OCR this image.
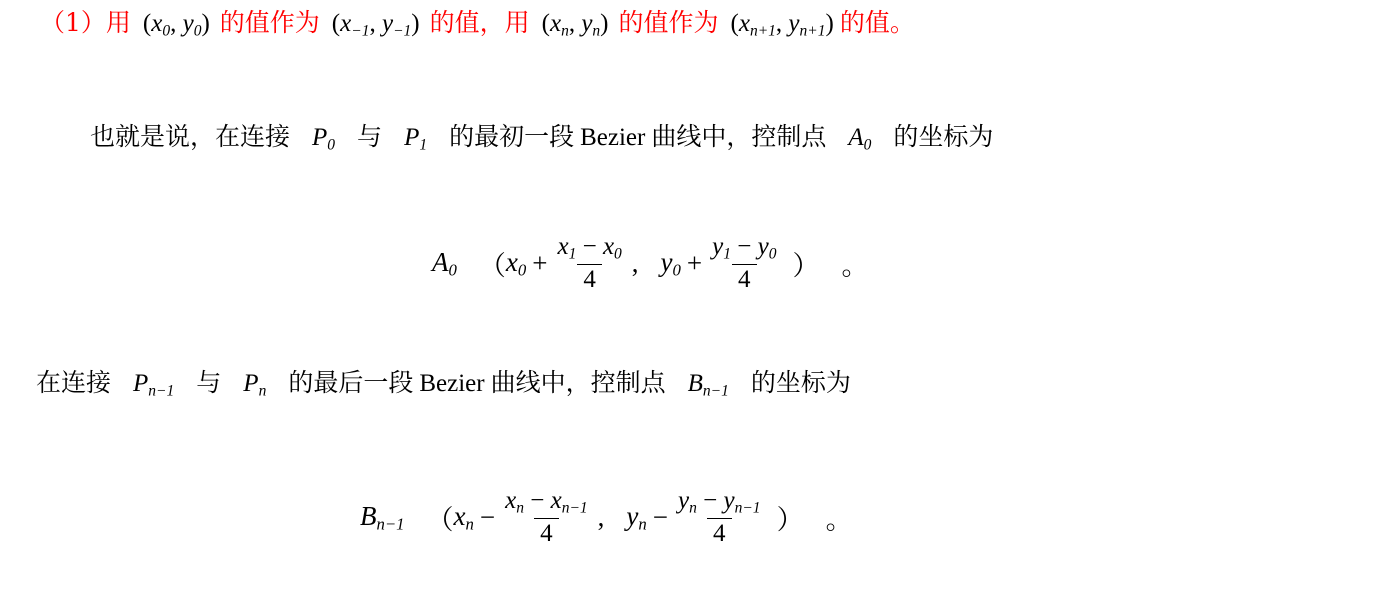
（1）用 ($x_0$, $y_0$) 的值作为 ($x_{-1}$, $y_{-1}$) 的值，用 ($x_n$, $y_n$) 的值作为 ($x_{n+1}$, $y_{n+1}$) 的值。
也就是说，在连接 $P_0$ 与 $P_1$ 的最初一段 Bezier 曲线中，控制点 $A_0$ 的坐标为
$A_0$ （ $x_0 + \frac{x_1 - x_0}{4}$ , $y_0 + \frac{y_1 - y_0}{4}$ ） 。
在连接 $P_{n-1}$ 与 $P_n$ 的最后一段 Bezier 曲线中，控制点 $B_{n-1}$ 的坐标为
$B_{n-1}$ （ $x_n - \frac{x_n - x_{n-1}}{4}$ , $y_n - \frac{y_n - y_{n-1}}{4}$ ） 。
